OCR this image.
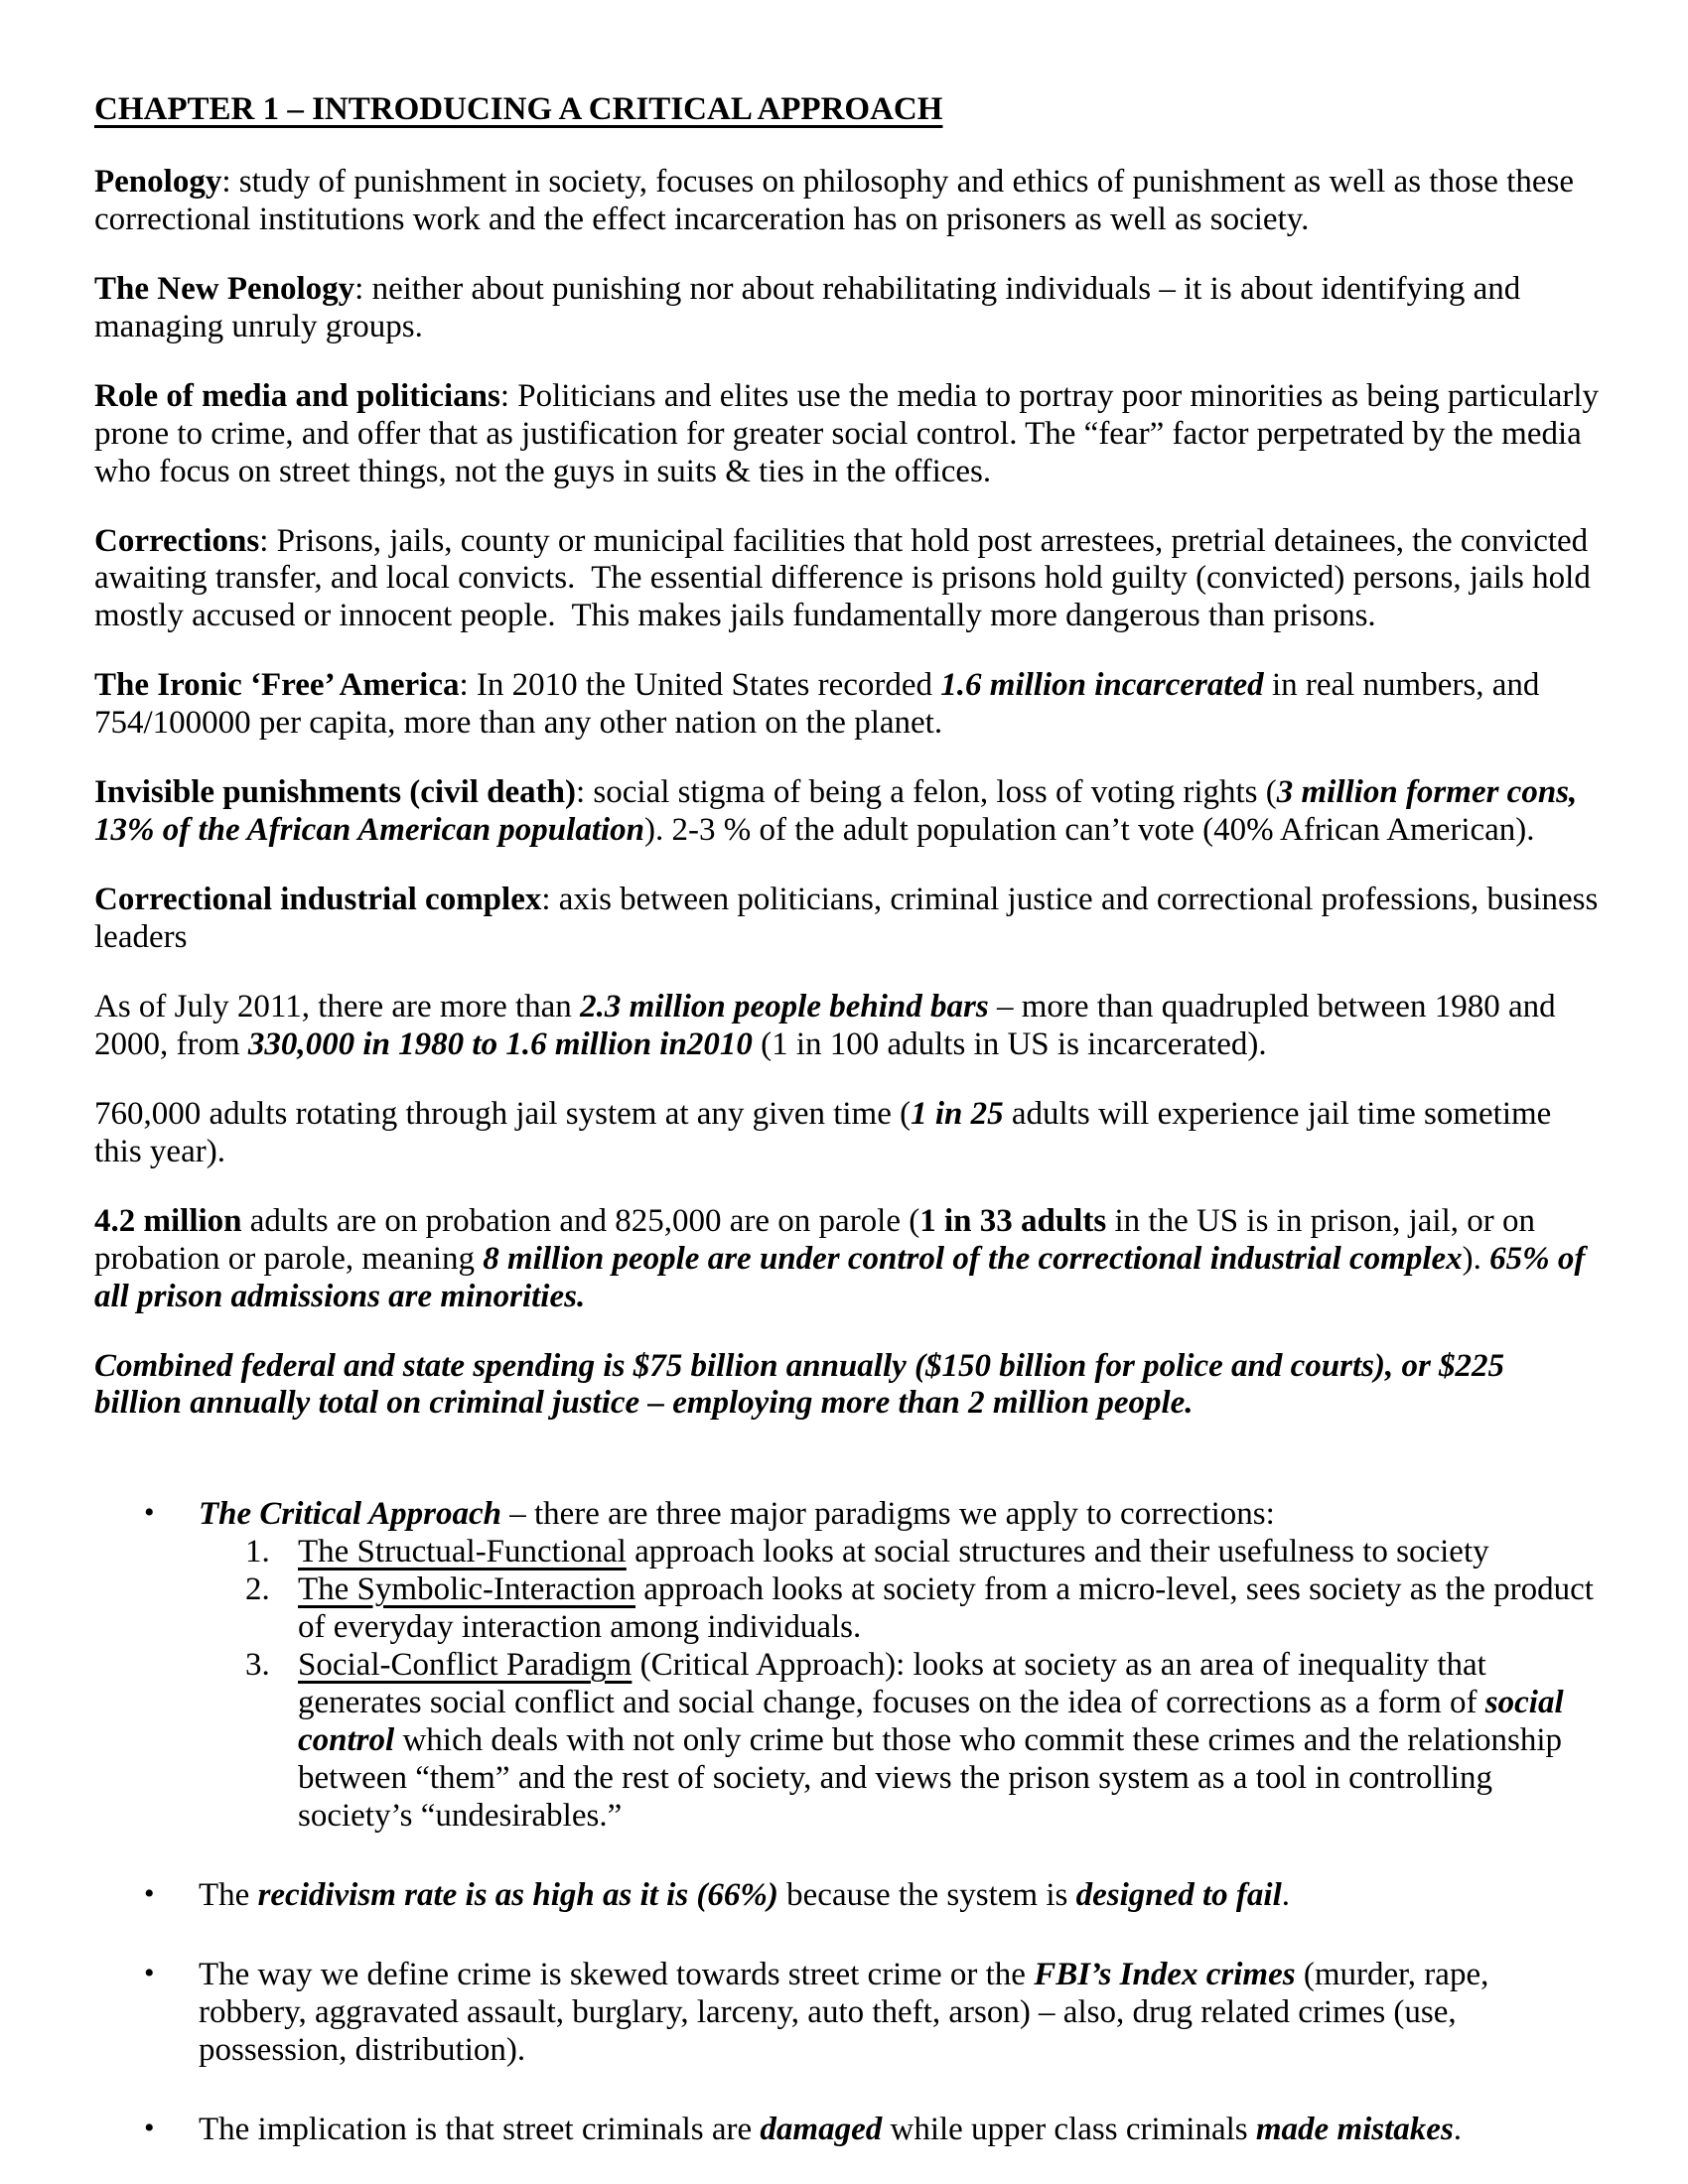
CHAPTER 1 – INTRODUCING A CRITICAL APPROACH
Penology: study of punishment in society, focuses on philosophy and ethics of punishment as well as those these correctional institutions work and the effect incarceration has on prisoners as well as society.
The New Penology: neither about punishing nor about rehabilitating individuals – it is about identifying and managing unruly groups.
Role of media and politicians: Politicians and elites use the media to portray poor minorities as being particularly prone to crime, and offer that as justification for greater social control. The “fear” factor perpetrated by the media who focus on street things, not the guys in suits & ties in the offices.
Corrections: Prisons, jails, county or municipal facilities that hold post arrestees, pretrial detainees, the convicted awaiting transfer, and local convicts.  The essential difference is prisons hold guilty (convicted) persons, jails hold mostly accused or innocent people.  This makes jails fundamentally more dangerous than prisons.
The Ironic ‘Free’ America: In 2010 the United States recorded 1.6 million incarcerated in real numbers, and 754/100000 per capita, more than any other nation on the planet.
Invisible punishments (civil death): social stigma of being a felon, loss of voting rights (3 million former cons, 13% of the African American population). 2-3 % of the adult population can’t vote (40% African American).
Correctional industrial complex: axis between politicians, criminal justice and correctional professions, business leaders
As of July 2011, there are more than 2.3 million people behind bars – more than quadrupled between 1980 and 2000, from 330,000 in 1980 to 1.6 million in2010 (1 in 100 adults in US is incarcerated).
760,000 adults rotating through jail system at any given time (1 in 25 adults will experience jail time sometime this year).
4.2 million adults are on probation and 825,000 are on parole (1 in 33 adults in the US is in prison, jail, or on probation or parole, meaning 8 million people are under control of the correctional industrial complex). 65% of all prison admissions are minorities.
Combined federal and state spending is $75 billion annually ($150 billion for police and courts), or $225 billion annually total on criminal justice – employing more than 2 million people.
• The Critical Approach – there are three major paradigms we apply to corrections:
1. The Structual-Functional approach looks at social structures and their usefulness to society
2. The Symbolic-Interaction approach looks at society from a micro-level, sees society as the product of everyday interaction among individuals.
3. Social-Conflict Paradigm (Critical Approach): looks at society as an area of inequality that generates social conflict and social change, focuses on the idea of corrections as a form of social control which deals with not only crime but those who commit these crimes and the relationship between “them” and the rest of society, and views the prison system as a tool in controlling society’s “undesirables.”
• The recidivism rate is as high as it is (66%) because the system is designed to fail.
• The way we define crime is skewed towards street crime or the FBI’s Index crimes (murder, rape, robbery, aggravated assault, burglary, larceny, auto theft, arson) – also, drug related crimes (use, possession, distribution).
• The implication is that street criminals are damaged while upper class criminals made mistakes.
